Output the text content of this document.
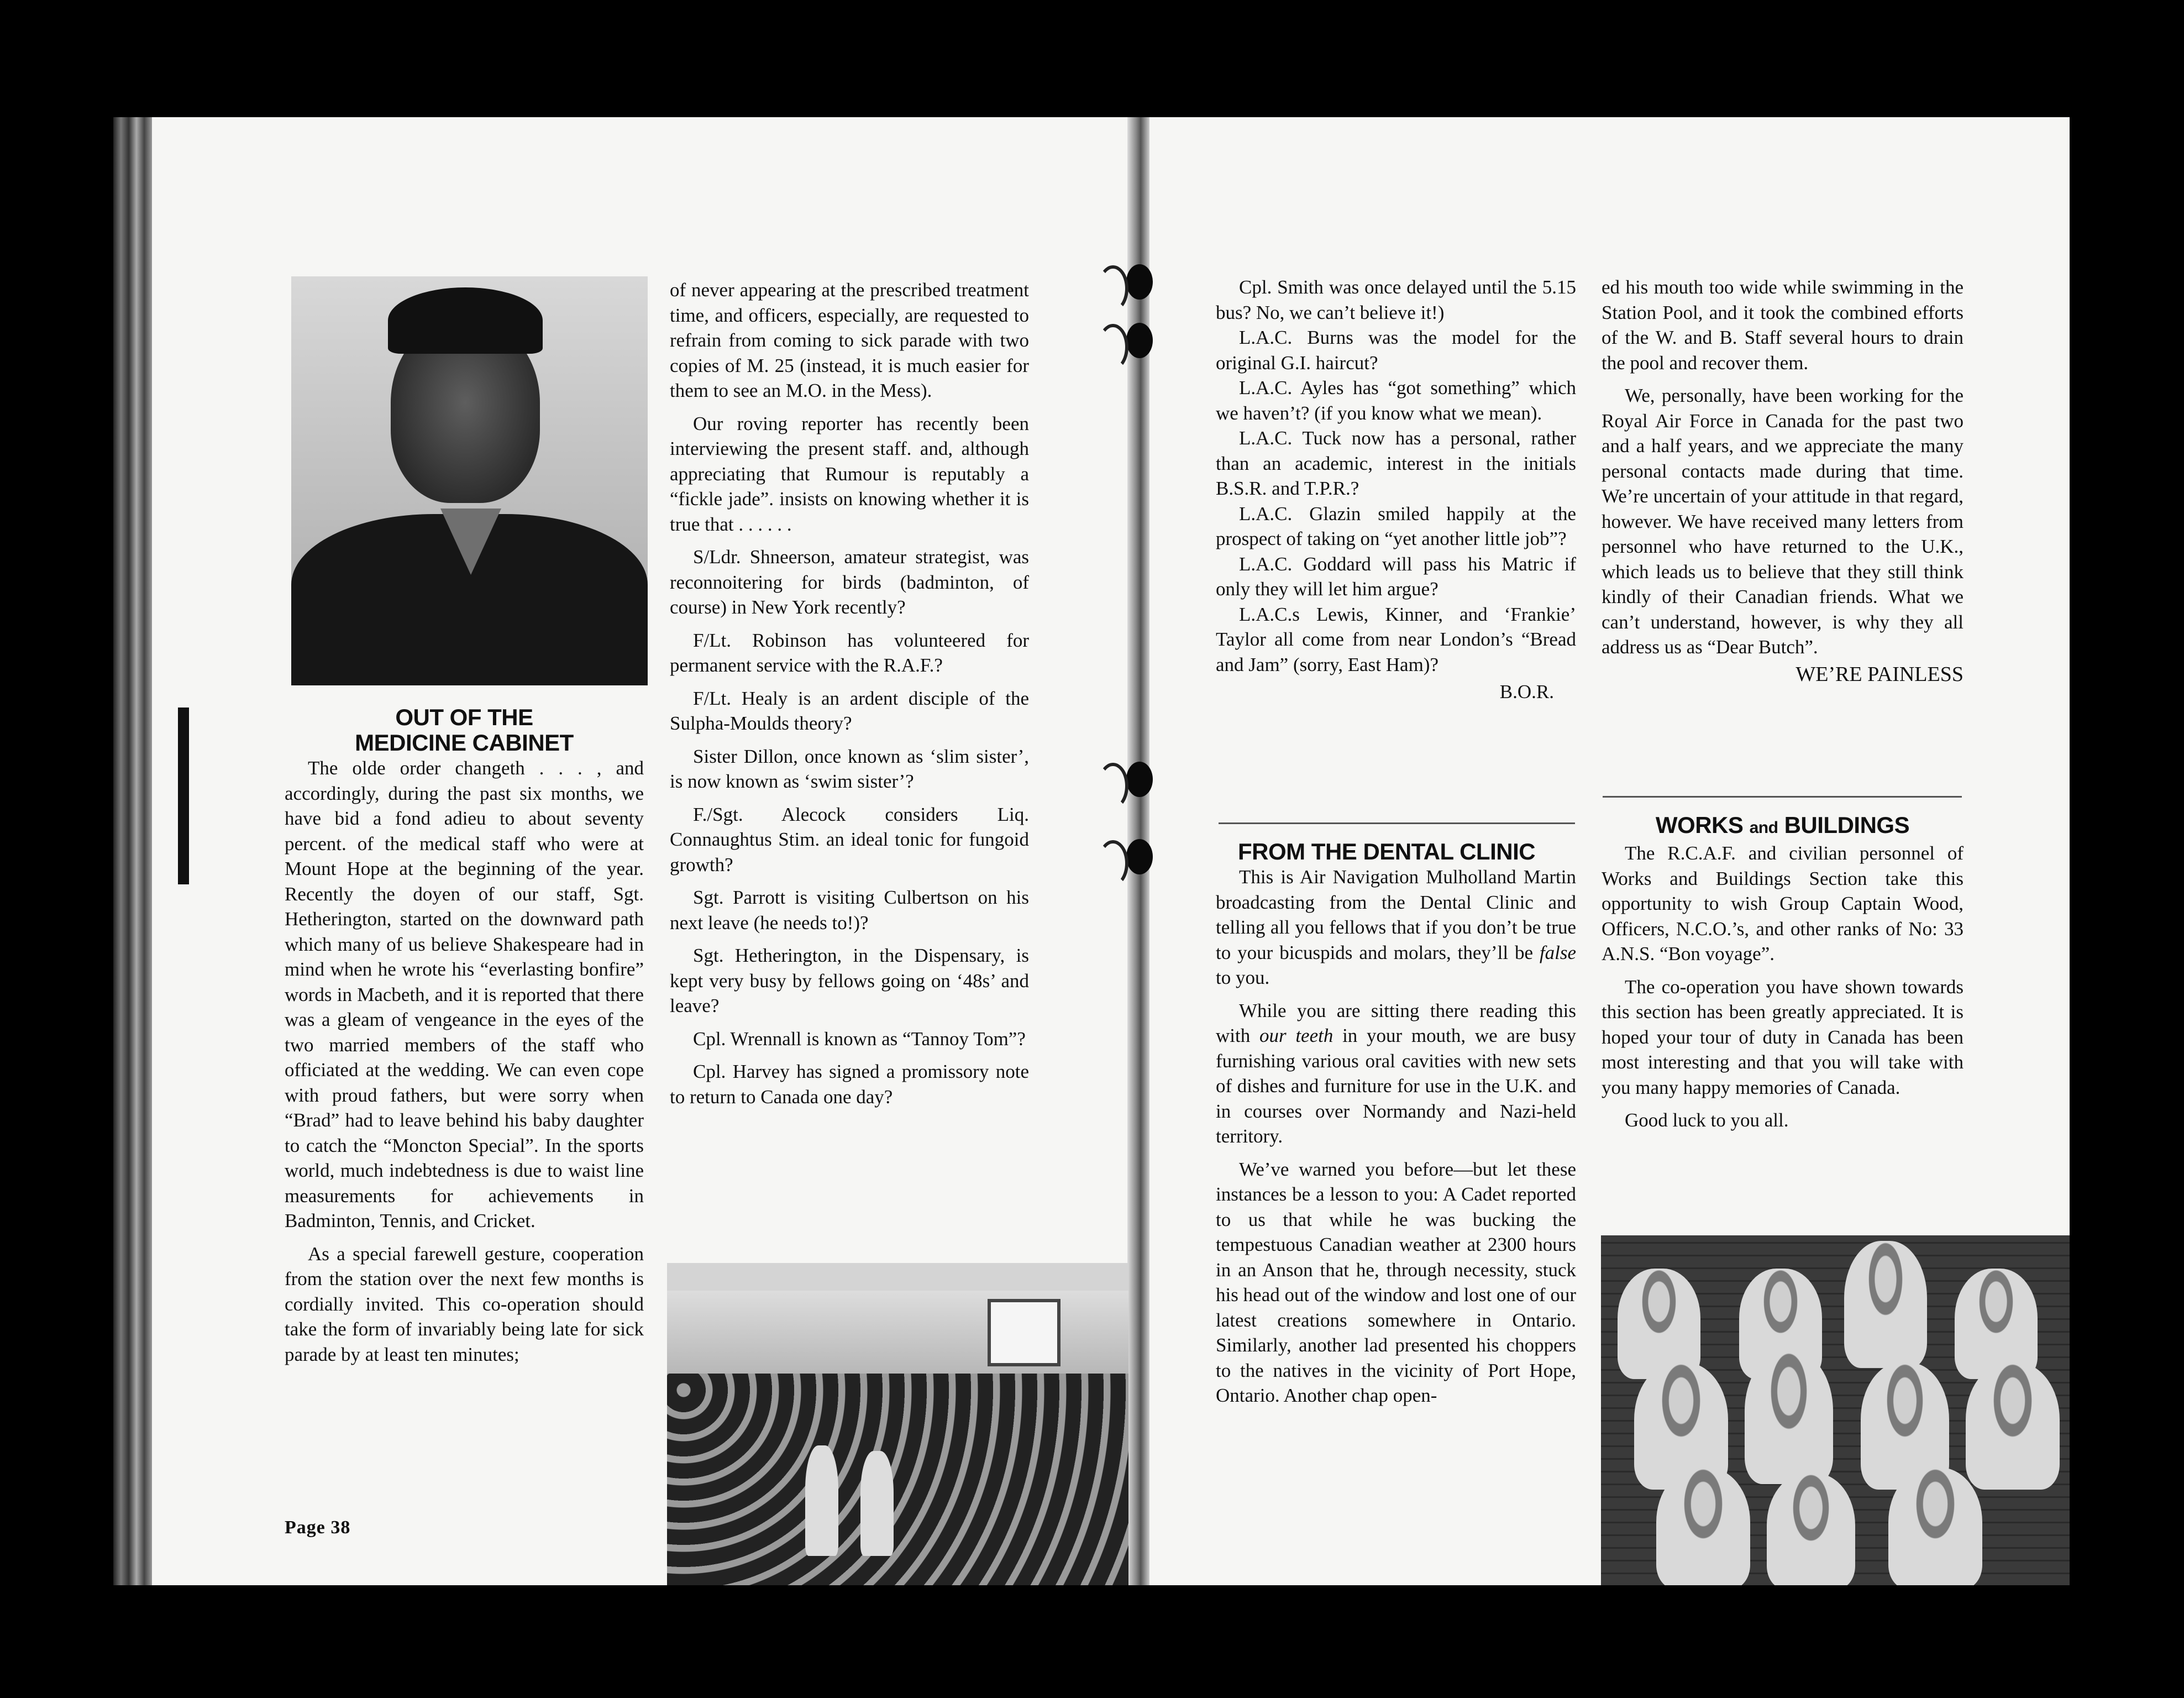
OUT OF THE
MEDICINE CABINET

The olde order changeth . . . , and accordingly, during the past six months, we have bid a fond adieu to about seventy percent. of the medical staff who were at Mount Hope at the beginning of the year. Recently the doyen of our staff, Sgt. Hetherington, started on the downward path which many of us believe Shakespeare had in mind when he wrote his “everlasting bonfire” words in Macbeth, and it is reported that there was a gleam of vengeance in the eyes of the two married members of the staff who officiated at the wedding. We can even cope with proud fathers, but were sorry when “Brad” had to leave behind his baby daughter to catch the “Moncton Special”. In the sports world, much indebtedness is due to waist line measurements for achievements in Badminton, Tennis, and Cricket.

As a special farewell gesture, cooperation from the station over the next few months is cordially invited. This co-operation should take the form of invariably being late for sick parade by at least ten minutes;

Page 38

of never appearing at the prescribed treatment time, and officers, especially, are requested to refrain from coming to sick parade with two copies of M. 25 (instead, it is much easier for them to see an M.O. in the Mess).

Our roving reporter has recently been interviewing the present staff. and, although appreciating that Rumour is reputably a “fickle jade”. insists on knowing whether it is true that . . . . . .

S/Ldr. Shneerson, amateur strategist, was reconnoitering for birds (badminton, of course) in New York recently?

F/Lt. Robinson has volunteered for permanent service with the R.A.F.?

F/Lt. Healy is an ardent disciple of the Sulpha-Moulds theory?

Sister Dillon, once known as ‘slim sister’, is now known as ‘swim sister’?

F./Sgt. Alecock considers Liq. Connaughtus Stim. an ideal tonic for fungoid growth?

Sgt. Parrott is visiting Culbertson on his next leave (he needs to!)?

Sgt. Hetherington, in the Dispensary, is kept very busy by fellows going on ‘48s’ and leave?

Cpl. Wrennall is known as “Tannoy Tom”?

Cpl. Harvey has signed a promissory note to return to Canada one day?

Cpl. Smith was once delayed until the 5.15 bus? No, we can’t believe it!)

L.A.C. Burns was the model for the original G.I. haircut?

L.A.C. Ayles has “got something” which we haven’t? (if you know what we mean).

L.A.C. Tuck now has a personal, rather than an academic, interest in the initials B.S.R. and T.P.R.?

L.A.C. Glazin smiled happily at the prospect of taking on “yet another little job”?

L.A.C. Goddard will pass his Matric if only they will let him argue?

L.A.C.s Lewis, Kinner, and ‘Frankie’ Taylor all come from near London’s “Bread and Jam” (sorry, East Ham)?

B.O.R.

FROM THE DENTAL CLINIC

This is Air Navigation Mulholland Martin broadcasting from the Dental Clinic and telling all you fellows that if you don’t be true to your bicuspids and molars, they’ll be false to you.

While you are sitting there reading this with our teeth in your mouth, we are busy furnishing various oral cavities with new sets of dishes and furniture for use in the U.K. and in courses over Normandy and Nazi-held territory.

We’ve warned you before—but let these instances be a lesson to you: A Cadet reported to us that while he was bucking the tempestuous Canadian weather at 2300 hours in an Anson that he, through necessity, stuck his head out of the window and lost one of our latest creations somewhere in Ontario. Similarly, another lad presented his choppers to the natives in the vicinity of Port Hope, Ontario. Another chap open-

ed his mouth too wide while swimming in the Station Pool, and it took the combined efforts of the W. and B. Staff several hours to drain the pool and recover them.

We, personally, have been working for the Royal Air Force in Canada for the past two and a half years, and we appreciate the many personal contacts made during that time. We’re uncertain of your attitude in that regard, however. We have received many letters from personnel who have returned to the U.K., which leads us to believe that they still think kindly of their Canadian friends. What we can’t understand, however, is why they all address us as “Dear Butch”.

WE’RE PAINLESS

WORKS and BUILDINGS

The R.C.A.F. and civilian personnel of Works and Buildings Section take this opportunity to wish Group Captain Wood, Officers, N.C.O.’s, and other ranks of No: 33 A.N.S. “Bon voyage”.

The co-operation you have shown towards this section has been greatly appreciated. It is hoped your tour of duty in Canada has been most interesting and that you will take with you many happy memories of Canada.

Good luck to you all.
